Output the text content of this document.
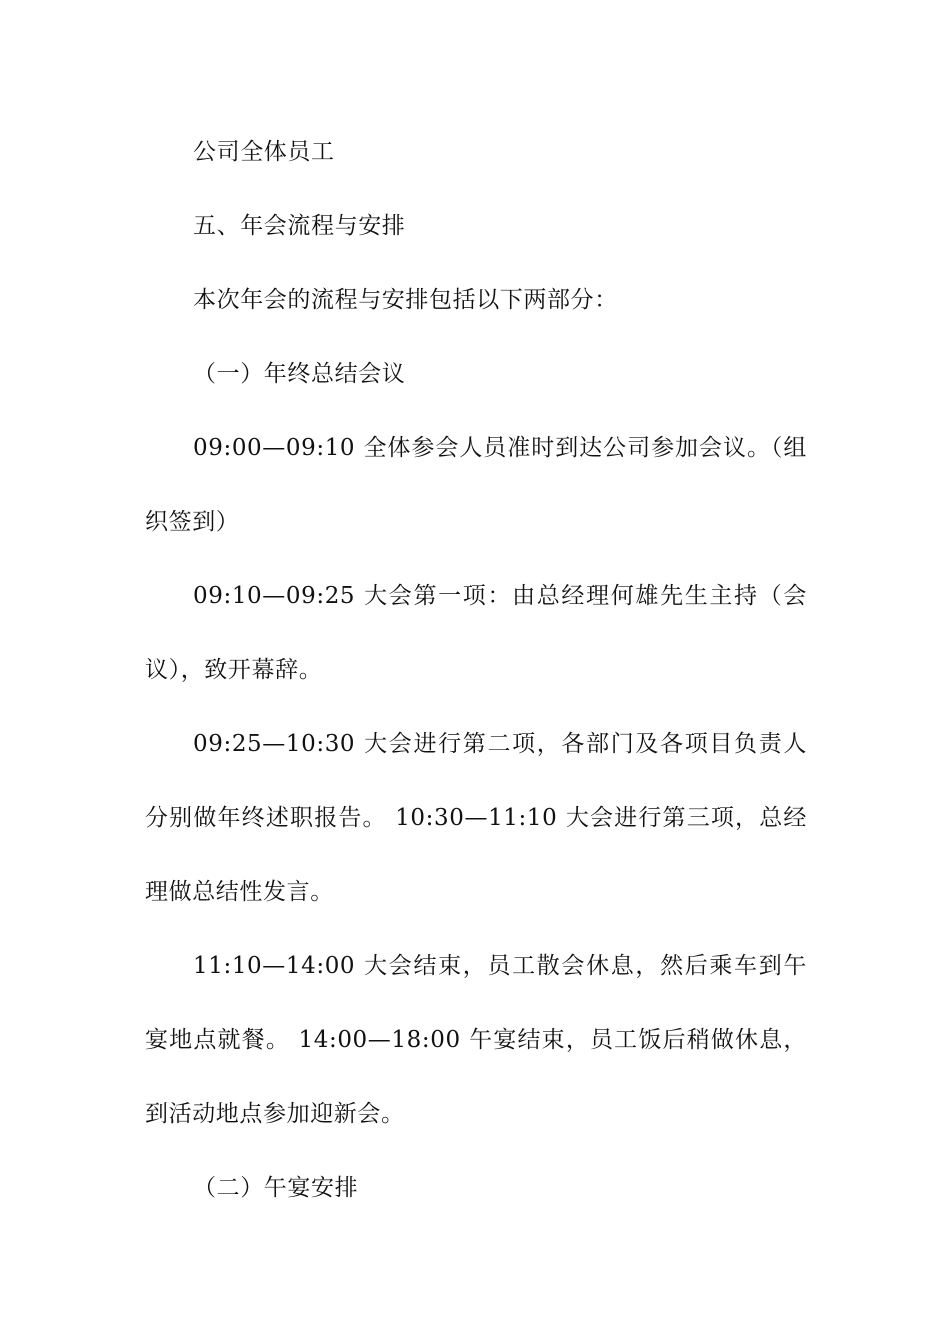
公司全体员工

五、年会流程与安排

本次年会的流程与安排包括以下两部分：

（一）年终总结会议

09:00—09:10 全体参会人员准时到达公司参加会议。（组织签到）

09:10—09:25 大会第一项：由总经理何雄先生主持（会议），致开幕辞。

09:25—10:30 大会进行第二项，各部门及各项目负责人分别做年终述职报告。 10:30—11:10 大会进行第三项，总经理做总结性发言。

11:10—14:00 大会结束，员工散会休息，然后乘车到午宴地点就餐。 14:00—18:00 午宴结束，员工饭后稍做休息，到活动地点参加迎新会。

（二）午宴安排
